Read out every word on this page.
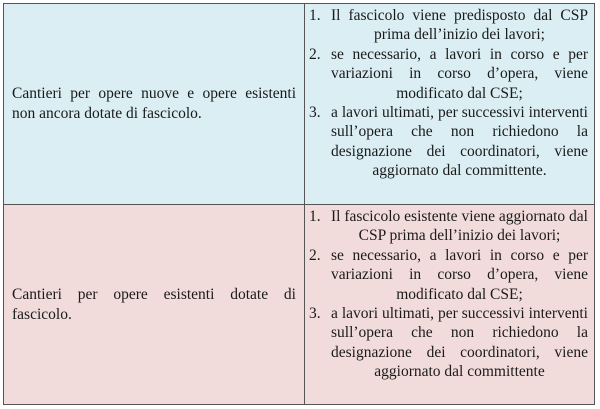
Cantieri per opere nuove e opere esistenti non ancora dotate di fascicolo.
1. Il fascicolo viene predisposto dal CSP prima dell’inizio dei lavori;
2. se necessario, a lavori in corso e per variazioni in corso d’opera, viene modificato dal CSE;
3. a lavori ultimati, per successivi interventi sull’opera che non richiedono la designazione dei coordinatori, viene aggiornato dal committente.
Cantieri per opere esistenti dotate di fascicolo.
1. Il fascicolo esistente viene aggiornato dal CSP prima dell’inizio dei lavori;
2. se necessario, a lavori in corso e per variazioni in corso d’opera, viene modificato dal CSE;
3. a lavori ultimati, per successivi interventi sull’opera che non richiedono la designazione dei coordinatori, viene aggiornato dal committente
